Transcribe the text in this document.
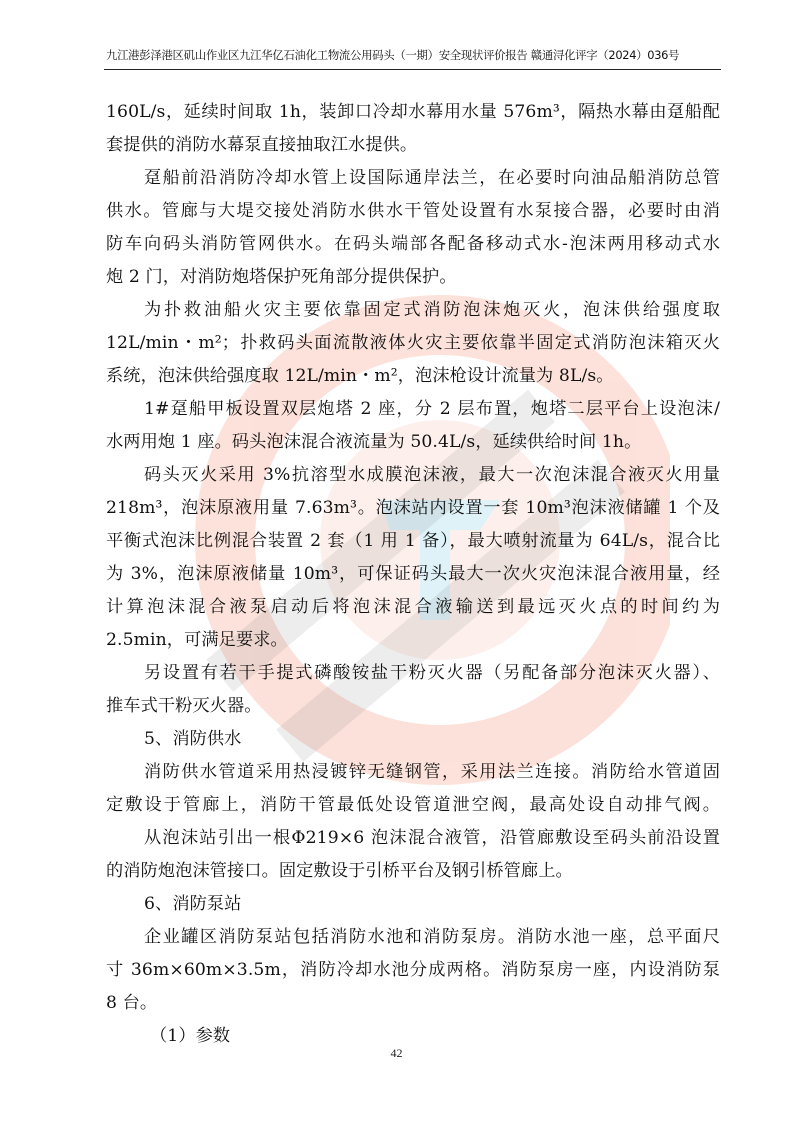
九江港彭泽港区矶山作业区九江华亿石油化工物流公用码头（一期）安全现状评价报告 赣通浔化评字（2024）036号
160L/s，延续时间取 1h，装卸口冷却水幕用水量 576m³，隔热水幕由趸船配
套提供的消防水幕泵直接抽取江水提供。
趸船前沿消防冷却水管上设国际通岸法兰，在必要时向油品船消防总管
供水。管廊与大堤交接处消防水供水干管处设置有水泵接合器，必要时由消
防车向码头消防管网供水。在码头端部各配备移动式水-泡沫两用移动式水
炮 2 门，对消防炮塔保护死角部分提供保护。
为扑救油船火灾主要依靠固定式消防泡沫炮灭火，泡沫供给强度取
12L/min・m²；扑救码头面流散液体火灾主要依靠半固定式消防泡沫箱灭火
系统，泡沫供给强度取 12L/min・m²，泡沫枪设计流量为 8L/s。
1#趸船甲板设置双层炮塔 2 座，分 2 层布置，炮塔二层平台上设泡沫/
水两用炮 1 座。码头泡沫混合液流量为 50.4L/s，延续供给时间 1h。
码头灭火采用 3%抗溶型水成膜泡沫液，最大一次泡沫混合液灭火用量
218m³，泡沫原液用量 7.63m³。泡沫站内设置一套 10m³泡沫液储罐 1 个及
平衡式泡沫比例混合装置 2 套（1 用 1 备），最大喷射流量为 64L/s，混合比
为 3%，泡沫原液储量 10m³，可保证码头最大一次火灾泡沫混合液用量，经
计算泡沫混合液泵启动后将泡沫混合液输送到最远灭火点的时间约为
2.5min，可满足要求。
另设置有若干手提式磷酸铵盐干粉灭火器（另配备部分泡沫灭火器）、
推车式干粉灭火器。
5、消防供水
消防供水管道采用热浸镀锌无缝钢管，采用法兰连接。消防给水管道固
定敷设于管廊上，消防干管最低处设管道泄空阀，最高处设自动排气阀。
从泡沫站引出一根Φ219×6 泡沫混合液管，沿管廊敷设至码头前沿设置
的消防炮泡沫管接口。固定敷设于引桥平台及钢引桥管廊上。
6、消防泵站
企业罐区消防泵站包括消防水池和消防泵房。消防水池一座，总平面尺
寸 36m×60m×3.5m，消防冷却水池分成两格。消防泵房一座，内设消防泵
8 台。
（1）参数
42
